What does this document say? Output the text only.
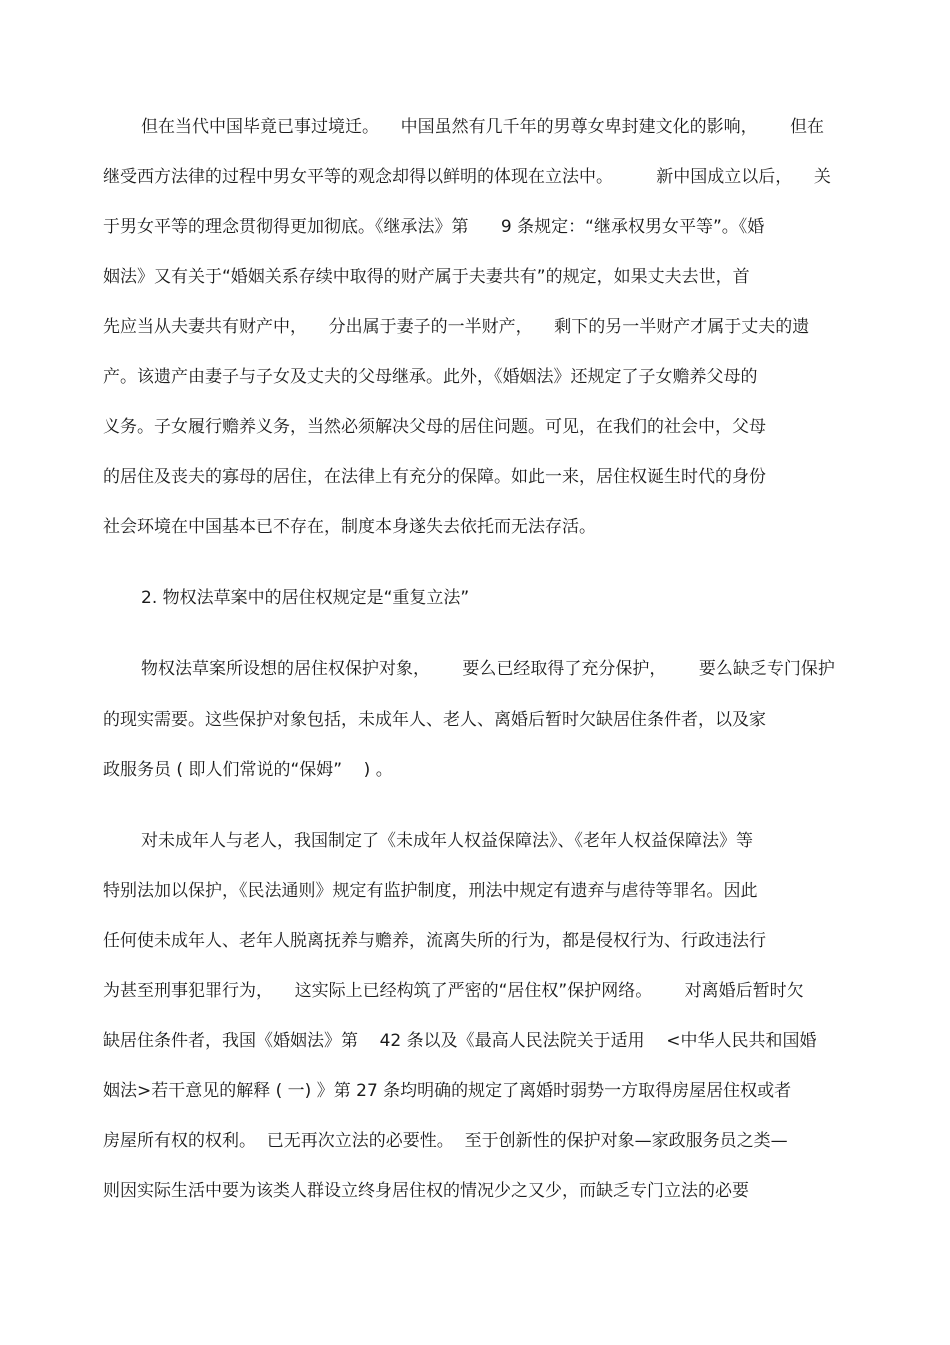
但在当代中国毕竟已事过境迁。    中国虽然有几千年的男尊女卑封建文化的影响，      但在
继受西方法律的过程中男女平等的观念却得以鲜明的体现在立法中。        新中国成立以后，    关
于男女平等的理念贯彻得更加彻底。《继承法》第      9 条规定：“继承权男女平等”。《婚
姻法》又有关于“婚姻关系存续中取得的财产属于夫妻共有”的规定，如果丈夫去世，首
先应当从夫妻共有财产中，    分出属于妻子的一半财产，    剩下的另一半财产才属于丈夫的遗
产。该遗产由妻子与子女及丈夫的父母继承。此外，《婚姻法》还规定了子女赡养父母的
义务。子女履行赡养义务，当然必须解决父母的居住问题。可见，在我们的社会中，父母
的居住及丧夫的寡母的居住，在法律上有充分的保障。如此一来，居住权诞生时代的身份
社会环境在中国基本已不存在，制度本身遂失去依托而无法存活。
2. 物权法草案中的居住权规定是“重复立法”
物权法草案所设想的居住权保护对象，      要么已经取得了充分保护，      要么缺乏专门保护
的现实需要。这些保护对象包括，未成年人、老人、离婚后暂时欠缺居住条件者，以及家
政服务员 ( 即人们常说的“保姆”    ) 。
对未成年人与老人，我国制定了《未成年人权益保障法》、《老年人权益保障法》等
特别法加以保护，《民法通则》规定有监护制度，刑法中规定有遗弃与虐待等罪名。因此
任何使未成年人、老年人脱离抚养与赡养，流离失所的行为，都是侵权行为、行政违法行
为甚至刑事犯罪行为，    这实际上已经构筑了严密的“居住权”保护网络。      对离婚后暂时欠
缺居住条件者，我国《婚姻法》第    42 条以及《最高人民法院关于适用    <中华人民共和国婚
姻法>若干意见的解释 ( 一) 》第 27 条均明确的规定了离婚时弱势一方取得房屋居住权或者
房屋所有权的权利。  已无再次立法的必要性。  至于创新性的保护对象—家政服务员之类—
则因实际生活中要为该类人群设立终身居住权的情况少之又少，而缺乏专门立法的必要
